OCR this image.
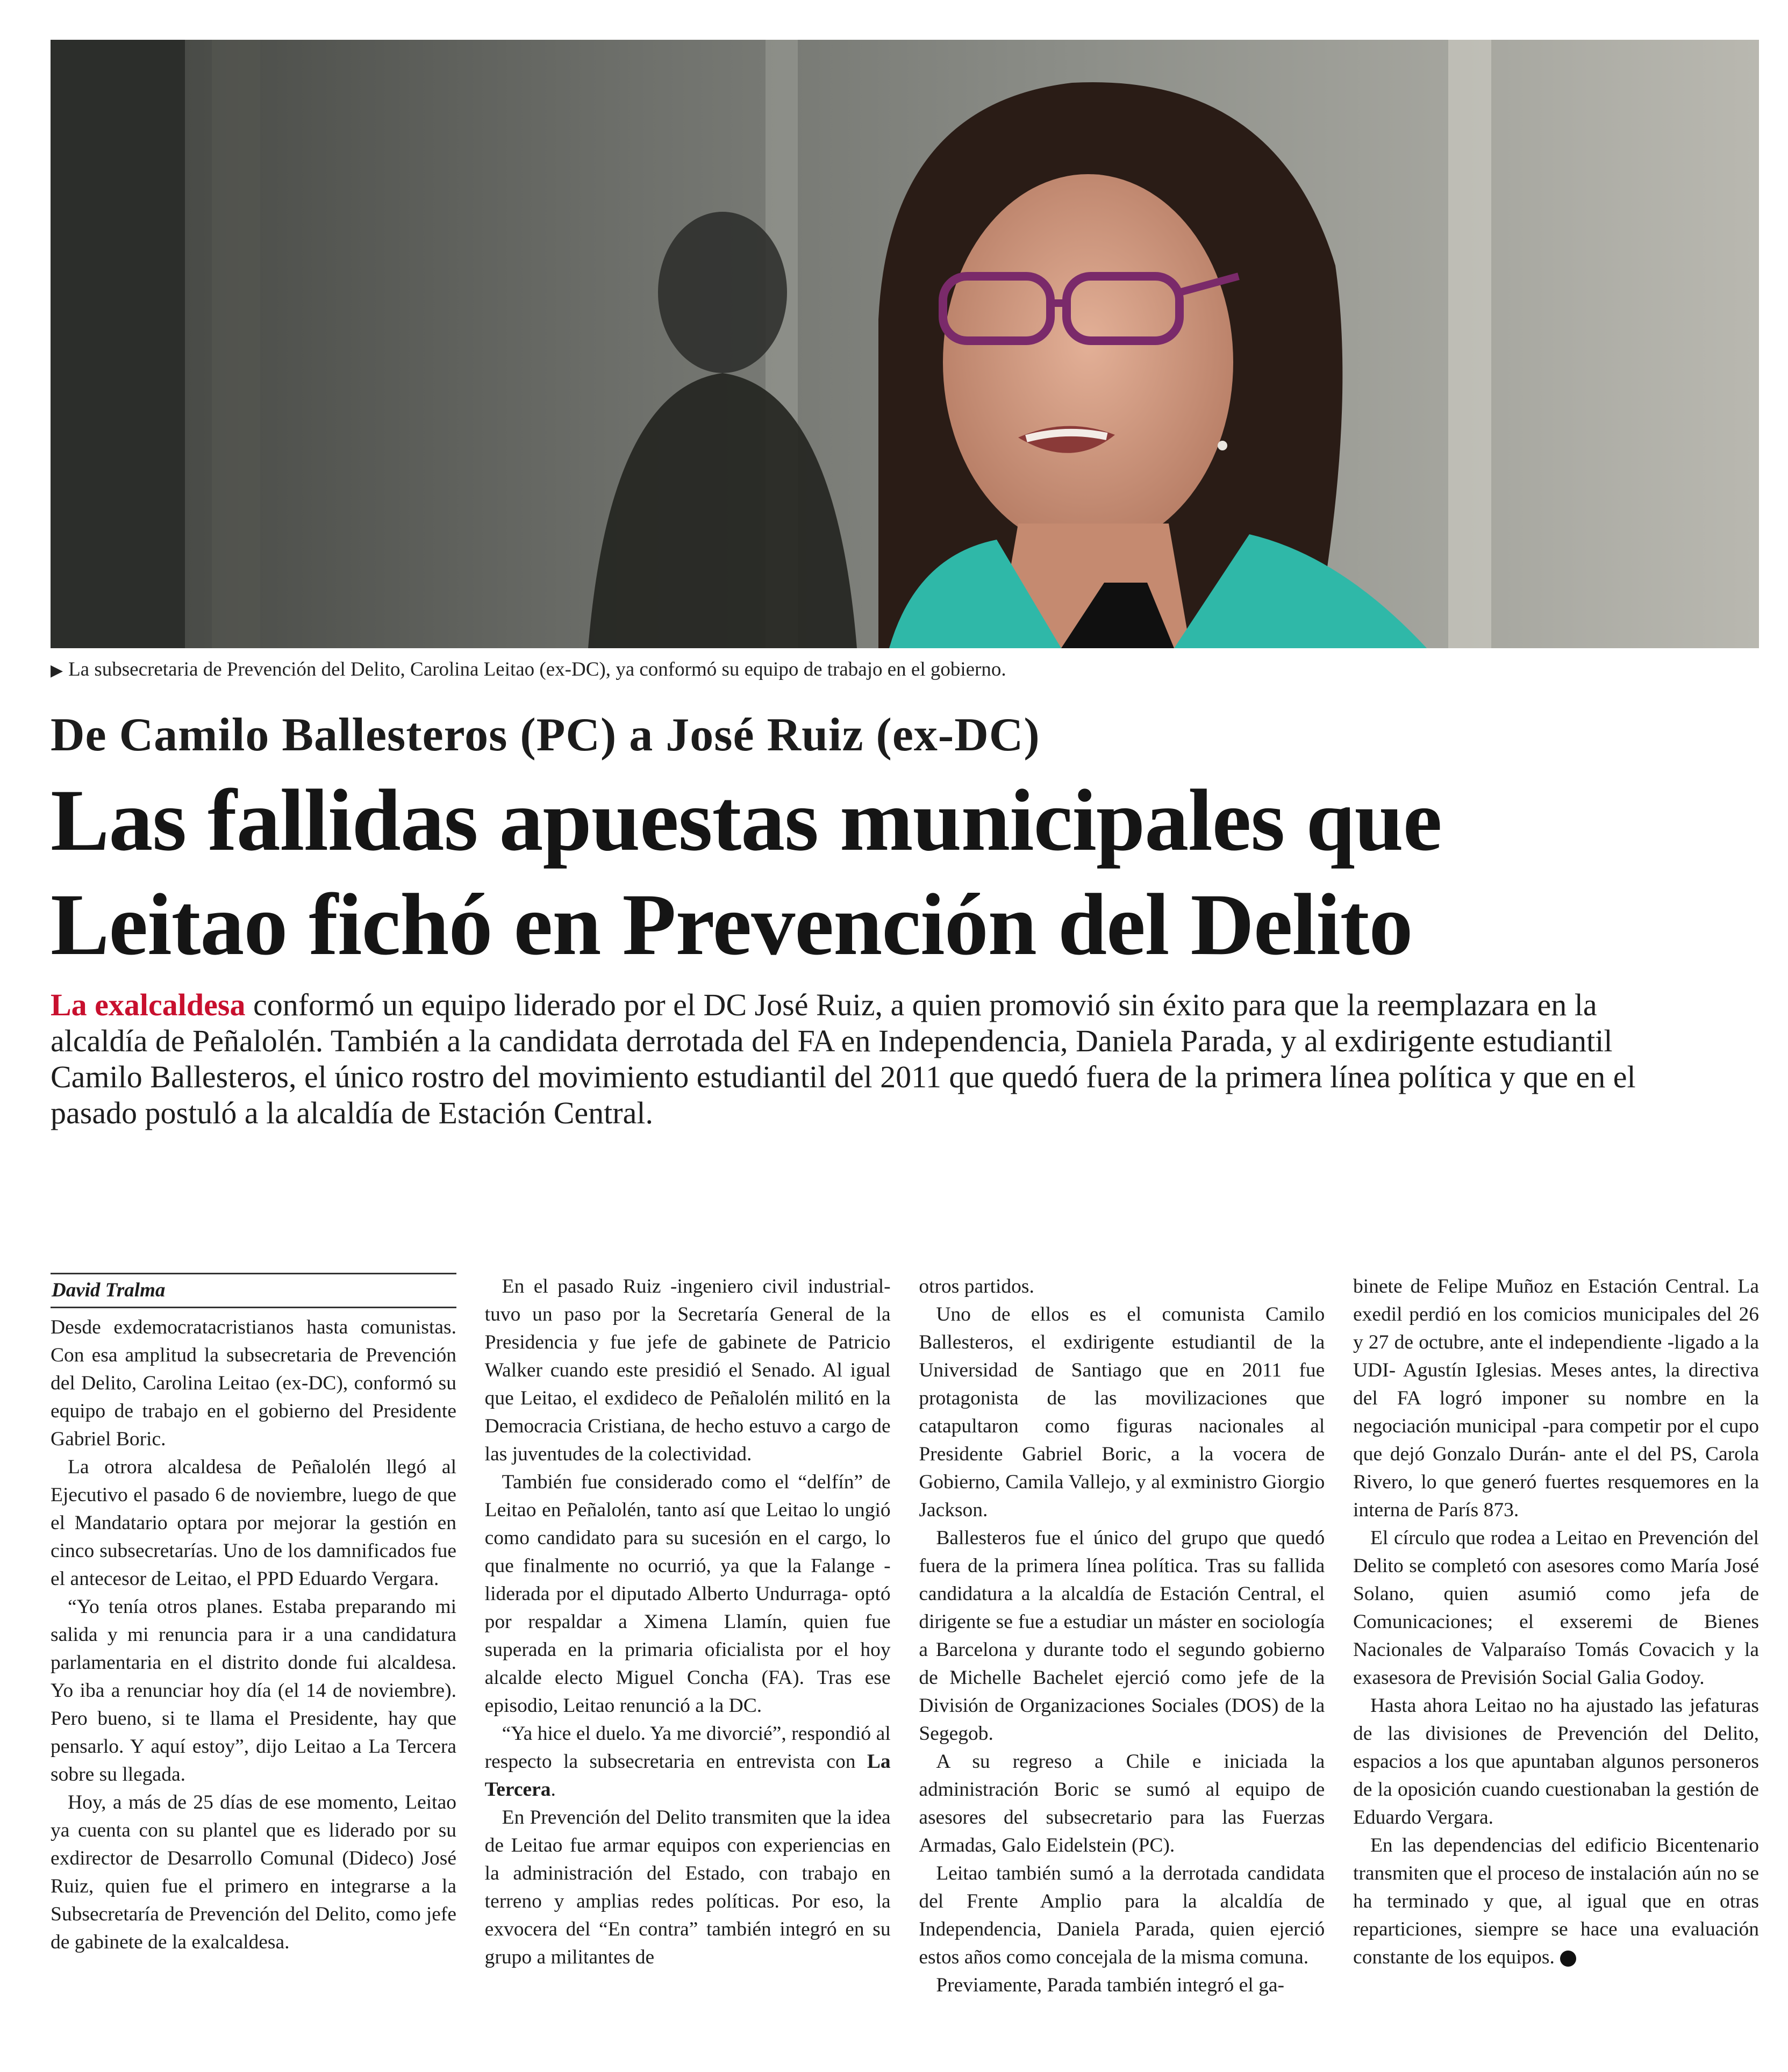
▶ La subsecretaria de Prevención del Delito, Carolina Leitao (ex-DC), ya conformó su equipo de trabajo en el gobierno.
De Camilo Ballesteros (PC) a José Ruiz (ex-DC)
Las fallidas apuestas municipales que
Leitao fichó en Prevención del Delito
La exalcaldesa conformó un equipo liderado por el DC José Ruiz, a quien promovió sin éxito para que la reemplazara en la alcaldía de Peñalolén. También a la candidata derrotada del FA en Independencia, Daniela Parada, y al exdirigente estudiantil Camilo Ballesteros, el único rostro del movimiento estudiantil del 2011 que quedó fuera de la primera línea política y que en el pasado postuló a la alcaldía de Estación Central.
David Tralma

Desde exdemocratacristianos hasta comunistas. Con esa amplitud la subsecretaria de Prevención del Delito, Carolina Leitao (ex-DC), conformó su equipo de trabajo en el gobierno del Presidente Gabriel Boric.

La otrora alcaldesa de Peñalolén llegó al Ejecutivo el pasado 6 de noviembre, luego de que el Mandatario optara por mejorar la gestión en cinco subsecretarías. Uno de los damnificados fue el antecesor de Leitao, el PPD Eduardo Vergara.

“Yo tenía otros planes. Estaba preparando mi salida y mi renuncia para ir a una candidatura parlamentaria en el distrito donde fui alcaldesa. Yo iba a renunciar hoy día (el 14 de noviembre). Pero bueno, si te llama el Presidente, hay que pensarlo. Y aquí estoy”, dijo Leitao a La Tercera sobre su llegada.

Hoy, a más de 25 días de ese momento, Leitao ya cuenta con su plantel que es liderado por su exdirector de Desarrollo Comunal (Dideco) José Ruiz, quien fue el primero en integrarse a la Subsecretaría de Prevención del Delito, como jefe de gabinete de la exalcaldesa.

En el pasado Ruiz -ingeniero civil industrial- tuvo un paso por la Secretaría General de la Presidencia y fue jefe de gabinete de Patricio Walker cuando este presidió el Senado. Al igual que Leitao, el exdideco de Peñalolén militó en la Democracia Cristiana, de hecho estuvo a cargo de las juventudes de la colectividad.

También fue considerado como el “delfín” de Leitao en Peñalolén, tanto así que Leitao lo ungió como candidato para su sucesión en el cargo, lo que finalmente no ocurrió, ya que la Falange -liderada por el diputado Alberto Undurraga- optó por respaldar a Ximena Llamín, quien fue superada en la primaria oficialista por el hoy alcalde electo Miguel Concha (FA). Tras ese episodio, Leitao renunció a la DC.

“Ya hice el duelo. Ya me divorcié”, respondió al respecto la subsecretaria en entrevista con La Tercera.

En Prevención del Delito transmiten que la idea de Leitao fue armar equipos con experiencias en la administración del Estado, con trabajo en terreno y amplias redes políticas. Por eso, la exvocera del “En contra” también integró en su grupo a militantes de

otros partidos.

Uno de ellos es el comunista Camilo Ballesteros, el exdirigente estudiantil de la Universidad de Santiago que en 2011 fue protagonista de las movilizaciones que catapultaron como figuras nacionales al Presidente Gabriel Boric, a la vocera de Gobierno, Camila Vallejo, y al exministro Giorgio Jackson.

Ballesteros fue el único del grupo que quedó fuera de la primera línea política. Tras su fallida candidatura a la alcaldía de Estación Central, el dirigente se fue a estudiar un máster en sociología a Barcelona y durante todo el segundo gobierno de Michelle Bachelet ejerció como jefe de la División de Organizaciones Sociales (DOS) de la Segegob.

A su regreso a Chile e iniciada la administración Boric se sumó al equipo de asesores del subsecretario para las Fuerzas Armadas, Galo Eidelstein (PC).

Leitao también sumó a la derrotada candidata del Frente Amplio para la alcaldía de Independencia, Daniela Parada, quien ejerció estos años como concejala de la misma comuna.

Previamente, Parada también integró el ga-

binete de Felipe Muñoz en Estación Central. La exedil perdió en los comicios municipales del 26 y 27 de octubre, ante el independiente -ligado a la UDI- Agustín Iglesias. Meses antes, la directiva del FA logró imponer su nombre en la negociación municipal -para competir por el cupo que dejó Gonzalo Durán- ante el del PS, Carola Rivero, lo que generó fuertes resquemores en la interna de París 873.

El círculo que rodea a Leitao en Prevención del Delito se completó con asesores como María José Solano, quien asumió como jefa de Comunicaciones; el exseremi de Bienes Nacionales de Valparaíso Tomás Covacich y la exasesora de Previsión Social Galia Godoy.

Hasta ahora Leitao no ha ajustado las jefaturas de las divisiones de Prevención del Delito, espacios a los que apuntaban algunos personeros de la oposición cuando cuestionaban la gestión de Eduardo Vergara.

En las dependencias del edificio Bicentenario transmiten que el proceso de instalación aún no se ha terminado y que, al igual que en otras reparticiones, siempre se hace una evaluación constante de los equipos.
